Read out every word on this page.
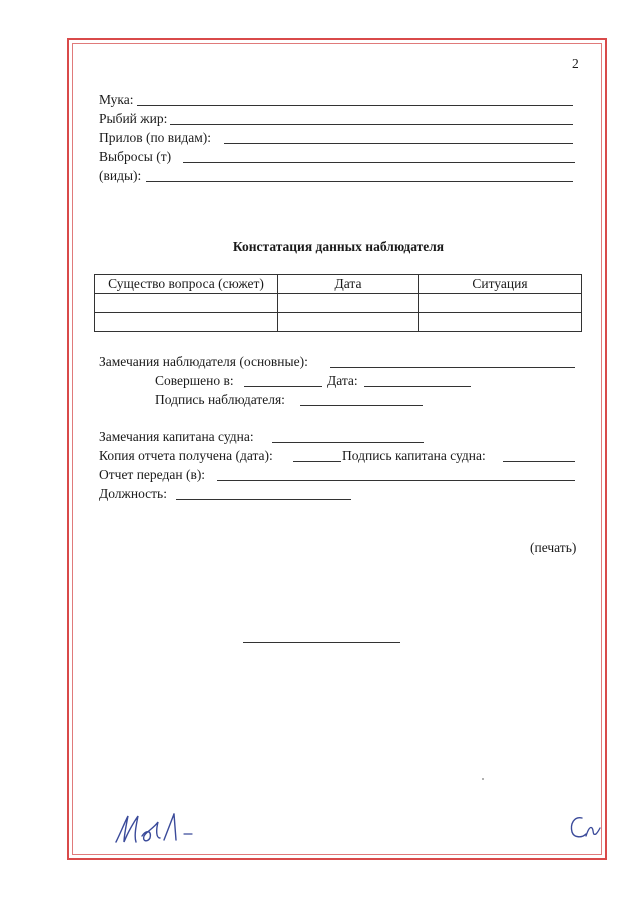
2
Мука:
Рыбий жир:
Прилов (по видам):
Выбросы (т)
(виды):
Констатация данных наблюдателя
Существо вопроса (сюжет)	Дата	Ситуация

Замечания наблюдателя (основные):
Совершено в:	Дата:
Подпись наблюдателя:
Замечания капитана судна:
Копия отчета получена (дата):	Подпись капитана судна:
Отчет передан (в):
Должность:
(печать)
